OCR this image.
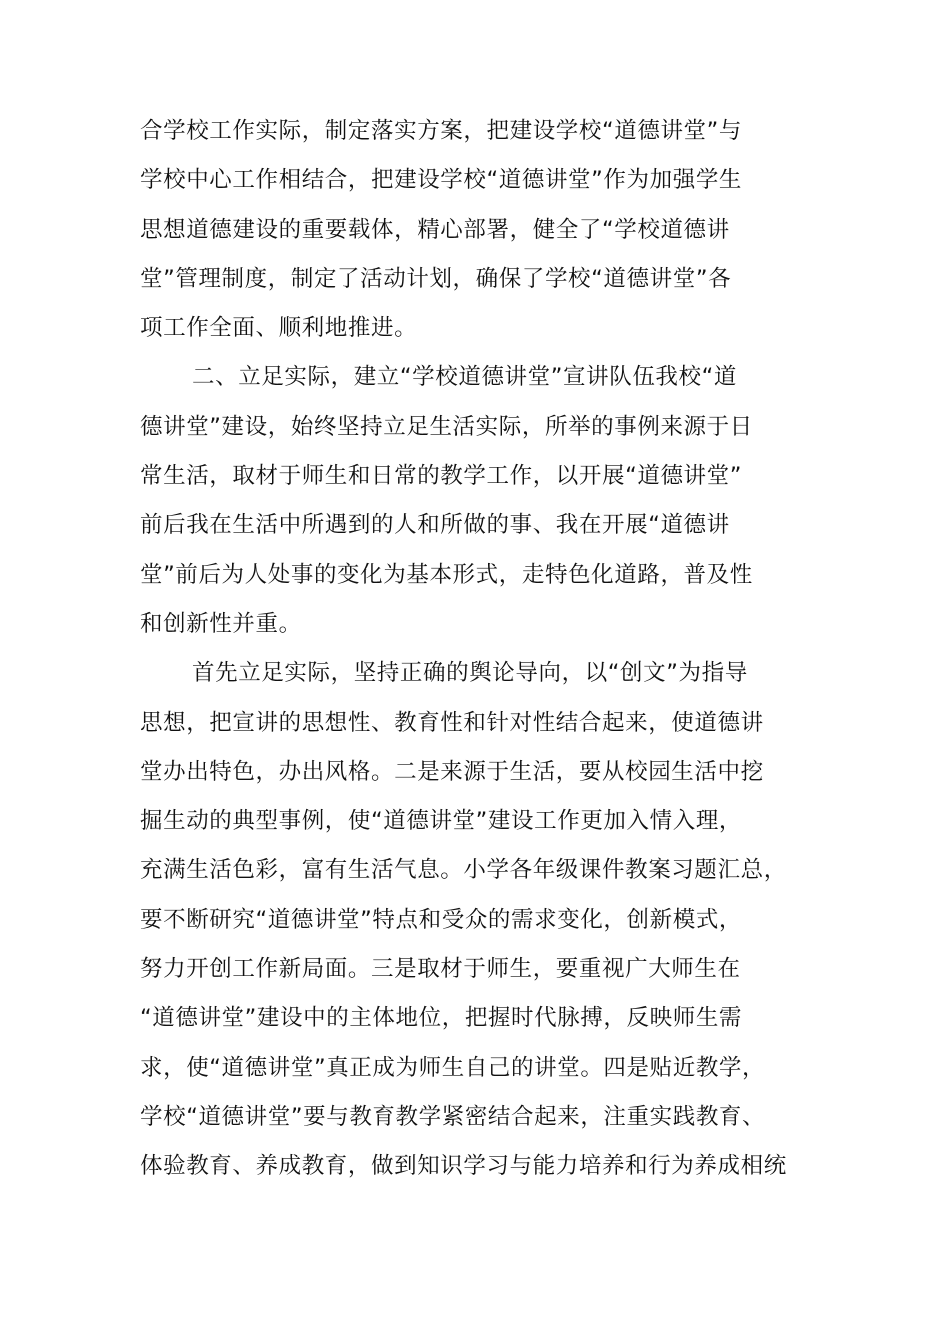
合学校工作实际，制定落实方案，把建设学校“道德讲堂”与
学校中心工作相结合，把建设学校“道德讲堂”作为加强学生
思想道德建设的重要载体，精心部署，健全了“学校道德讲
堂”管理制度，制定了活动计划，确保了学校“道德讲堂”各
项工作全面、顺利地推进。
二、立足实际，建立“学校道德讲堂”宣讲队伍我校“道
德讲堂”建设，始终坚持立足生活实际，所举的事例来源于日
常生活，取材于师生和日常的教学工作，以开展“道德讲堂”
前后我在生活中所遇到的人和所做的事、我在开展“道德讲
堂”前后为人处事的变化为基本形式，走特色化道路，普及性
和创新性并重。
首先立足实际，坚持正确的舆论导向，以“创文”为指导
思想，把宣讲的思想性、教育性和针对性结合起来，使道德讲
堂办出特色，办出风格。二是来源于生活，要从校园生活中挖
掘生动的典型事例，使“道德讲堂”建设工作更加入情入理，
充满生活色彩，富有生活气息。小学各年级课件教案习题汇总，
要不断研究“道德讲堂”特点和受众的需求变化，创新模式，
努力开创工作新局面。三是取材于师生，要重视广大师生在
“道德讲堂”建设中的主体地位，把握时代脉搏，反映师生需
求，使“道德讲堂”真正成为师生自己的讲堂。四是贴近教学，
学校“道德讲堂”要与教育教学紧密结合起来，注重实践教育、
体验教育、养成教育，做到知识学习与能力培养和行为养成相统
